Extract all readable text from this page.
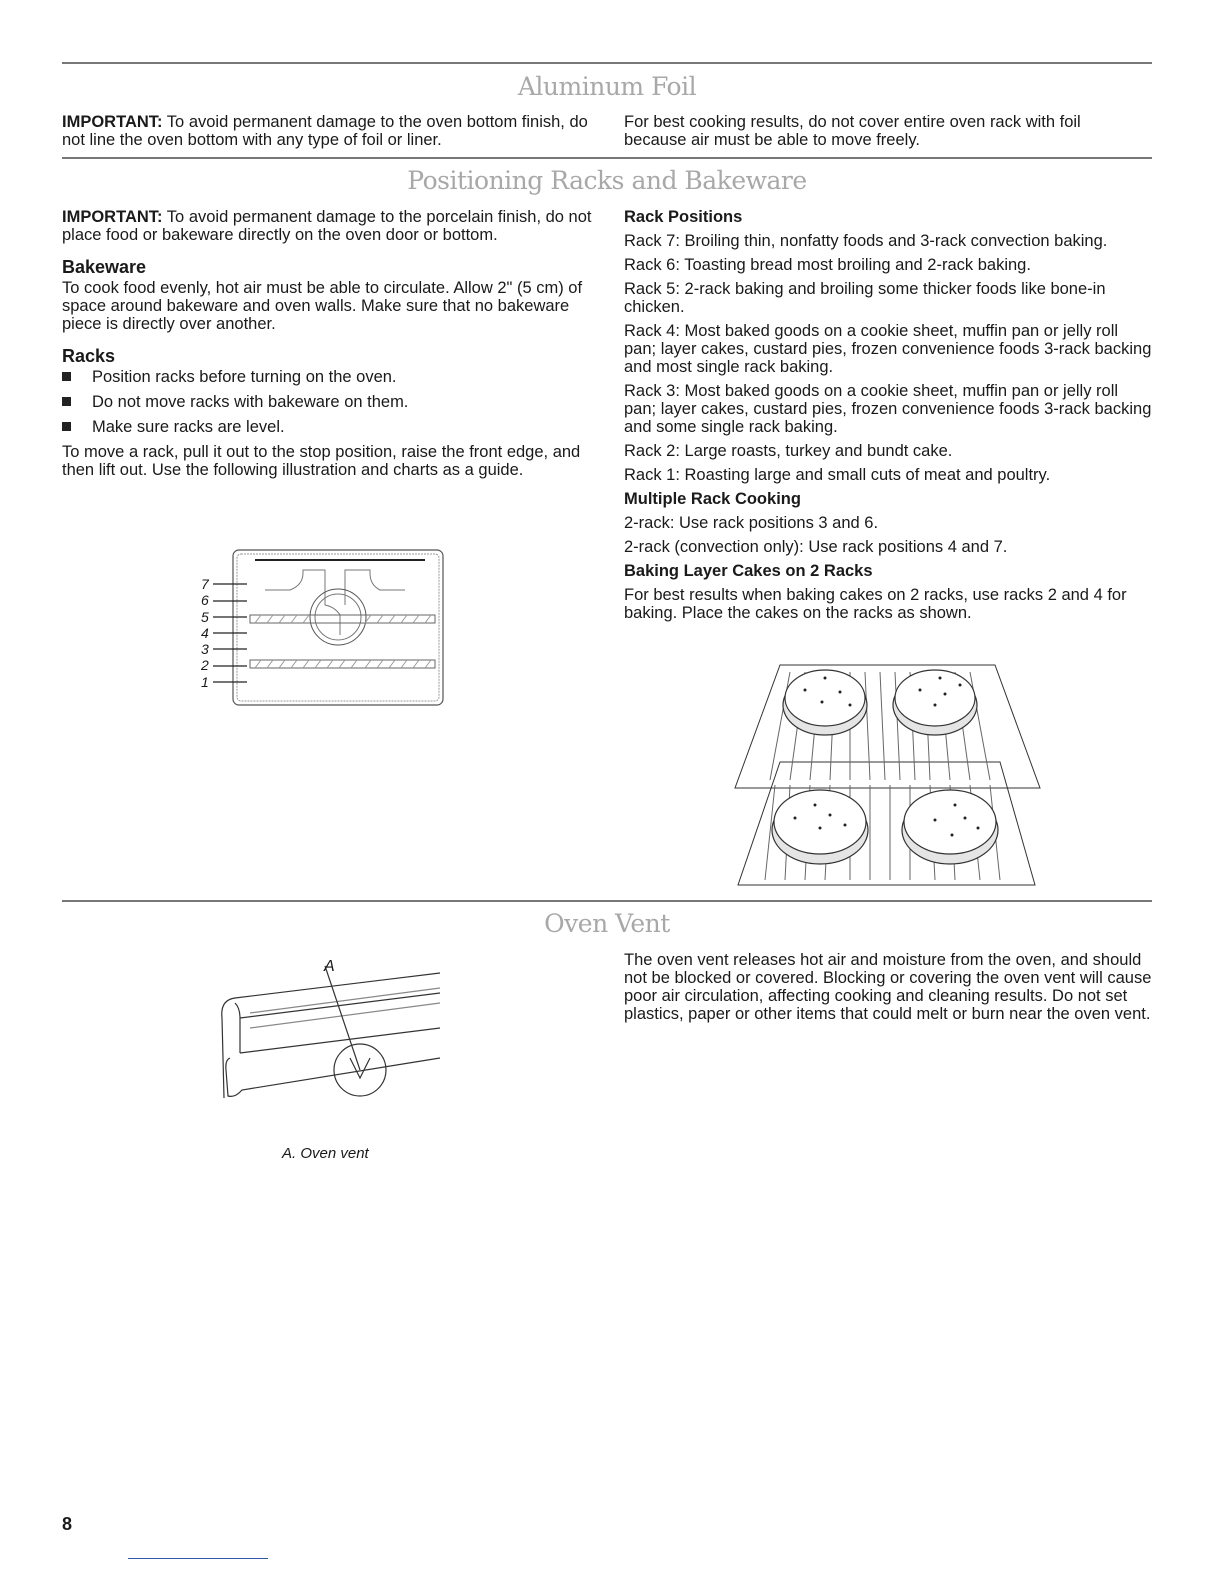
Aluminum Foil
IMPORTANT: To avoid permanent damage to the oven bottom finish, do not line the oven bottom with any type of foil or liner.
For best cooking results, do not cover entire oven rack with foil because air must be able to move freely.
Positioning Racks and Bakeware

IMPORTANT: To avoid permanent damage to the porcelain finish, do not place food or bakeware directly on the oven door or bottom.

Bakeware

To cook food evenly, hot air must be able to circulate. Allow 2" (5 cm) of space around bakeware and oven walls. Make sure that no bakeware piece is directly over another.

Racks
Position racks before turning on the oven.
Do not move racks with bakeware on them.
Make sure racks are level.

To move a rack, pull it out to the stop position, raise the front edge, and then lift out. Use the following illustration and charts as a guide.

7
6
5
4
3
2
1
Rack Positions

Rack 7: Broiling thin, nonfatty foods and 3-rack convection baking.

Rack 6: Toasting bread most broiling and 2-rack baking.

Rack 5: 2-rack baking and broiling some thicker foods like bone-in chicken.

Rack 4: Most baked goods on a cookie sheet, muffin pan or jelly roll pan; layer cakes, custard pies, frozen convenience foods 3-rack backing and most single rack baking.

Rack 3: Most baked goods on a cookie sheet, muffin pan or jelly roll pan; layer cakes, custard pies, frozen convenience foods 3-rack backing and some single rack baking.

Rack 2: Large roasts, turkey and bundt cake.

Rack 1: Roasting large and small cuts of meat and poultry.

Multiple Rack Cooking

2-rack: Use rack positions 3 and 6.

2-rack (convection only): Use rack positions 4 and 7.

Baking Layer Cakes on 2 Racks

For best results when baking cakes on 2 racks, use racks 2 and 4 for baking. Place the cakes on the racks as shown.

Oven Vent
A
A. Oven vent
The oven vent releases hot air and moisture from the oven, and should not be blocked or covered. Blocking or covering the oven vent will cause poor air circulation, affecting cooking and cleaning results. Do not set plastics, paper or other items that could melt or burn near the oven vent.
8
